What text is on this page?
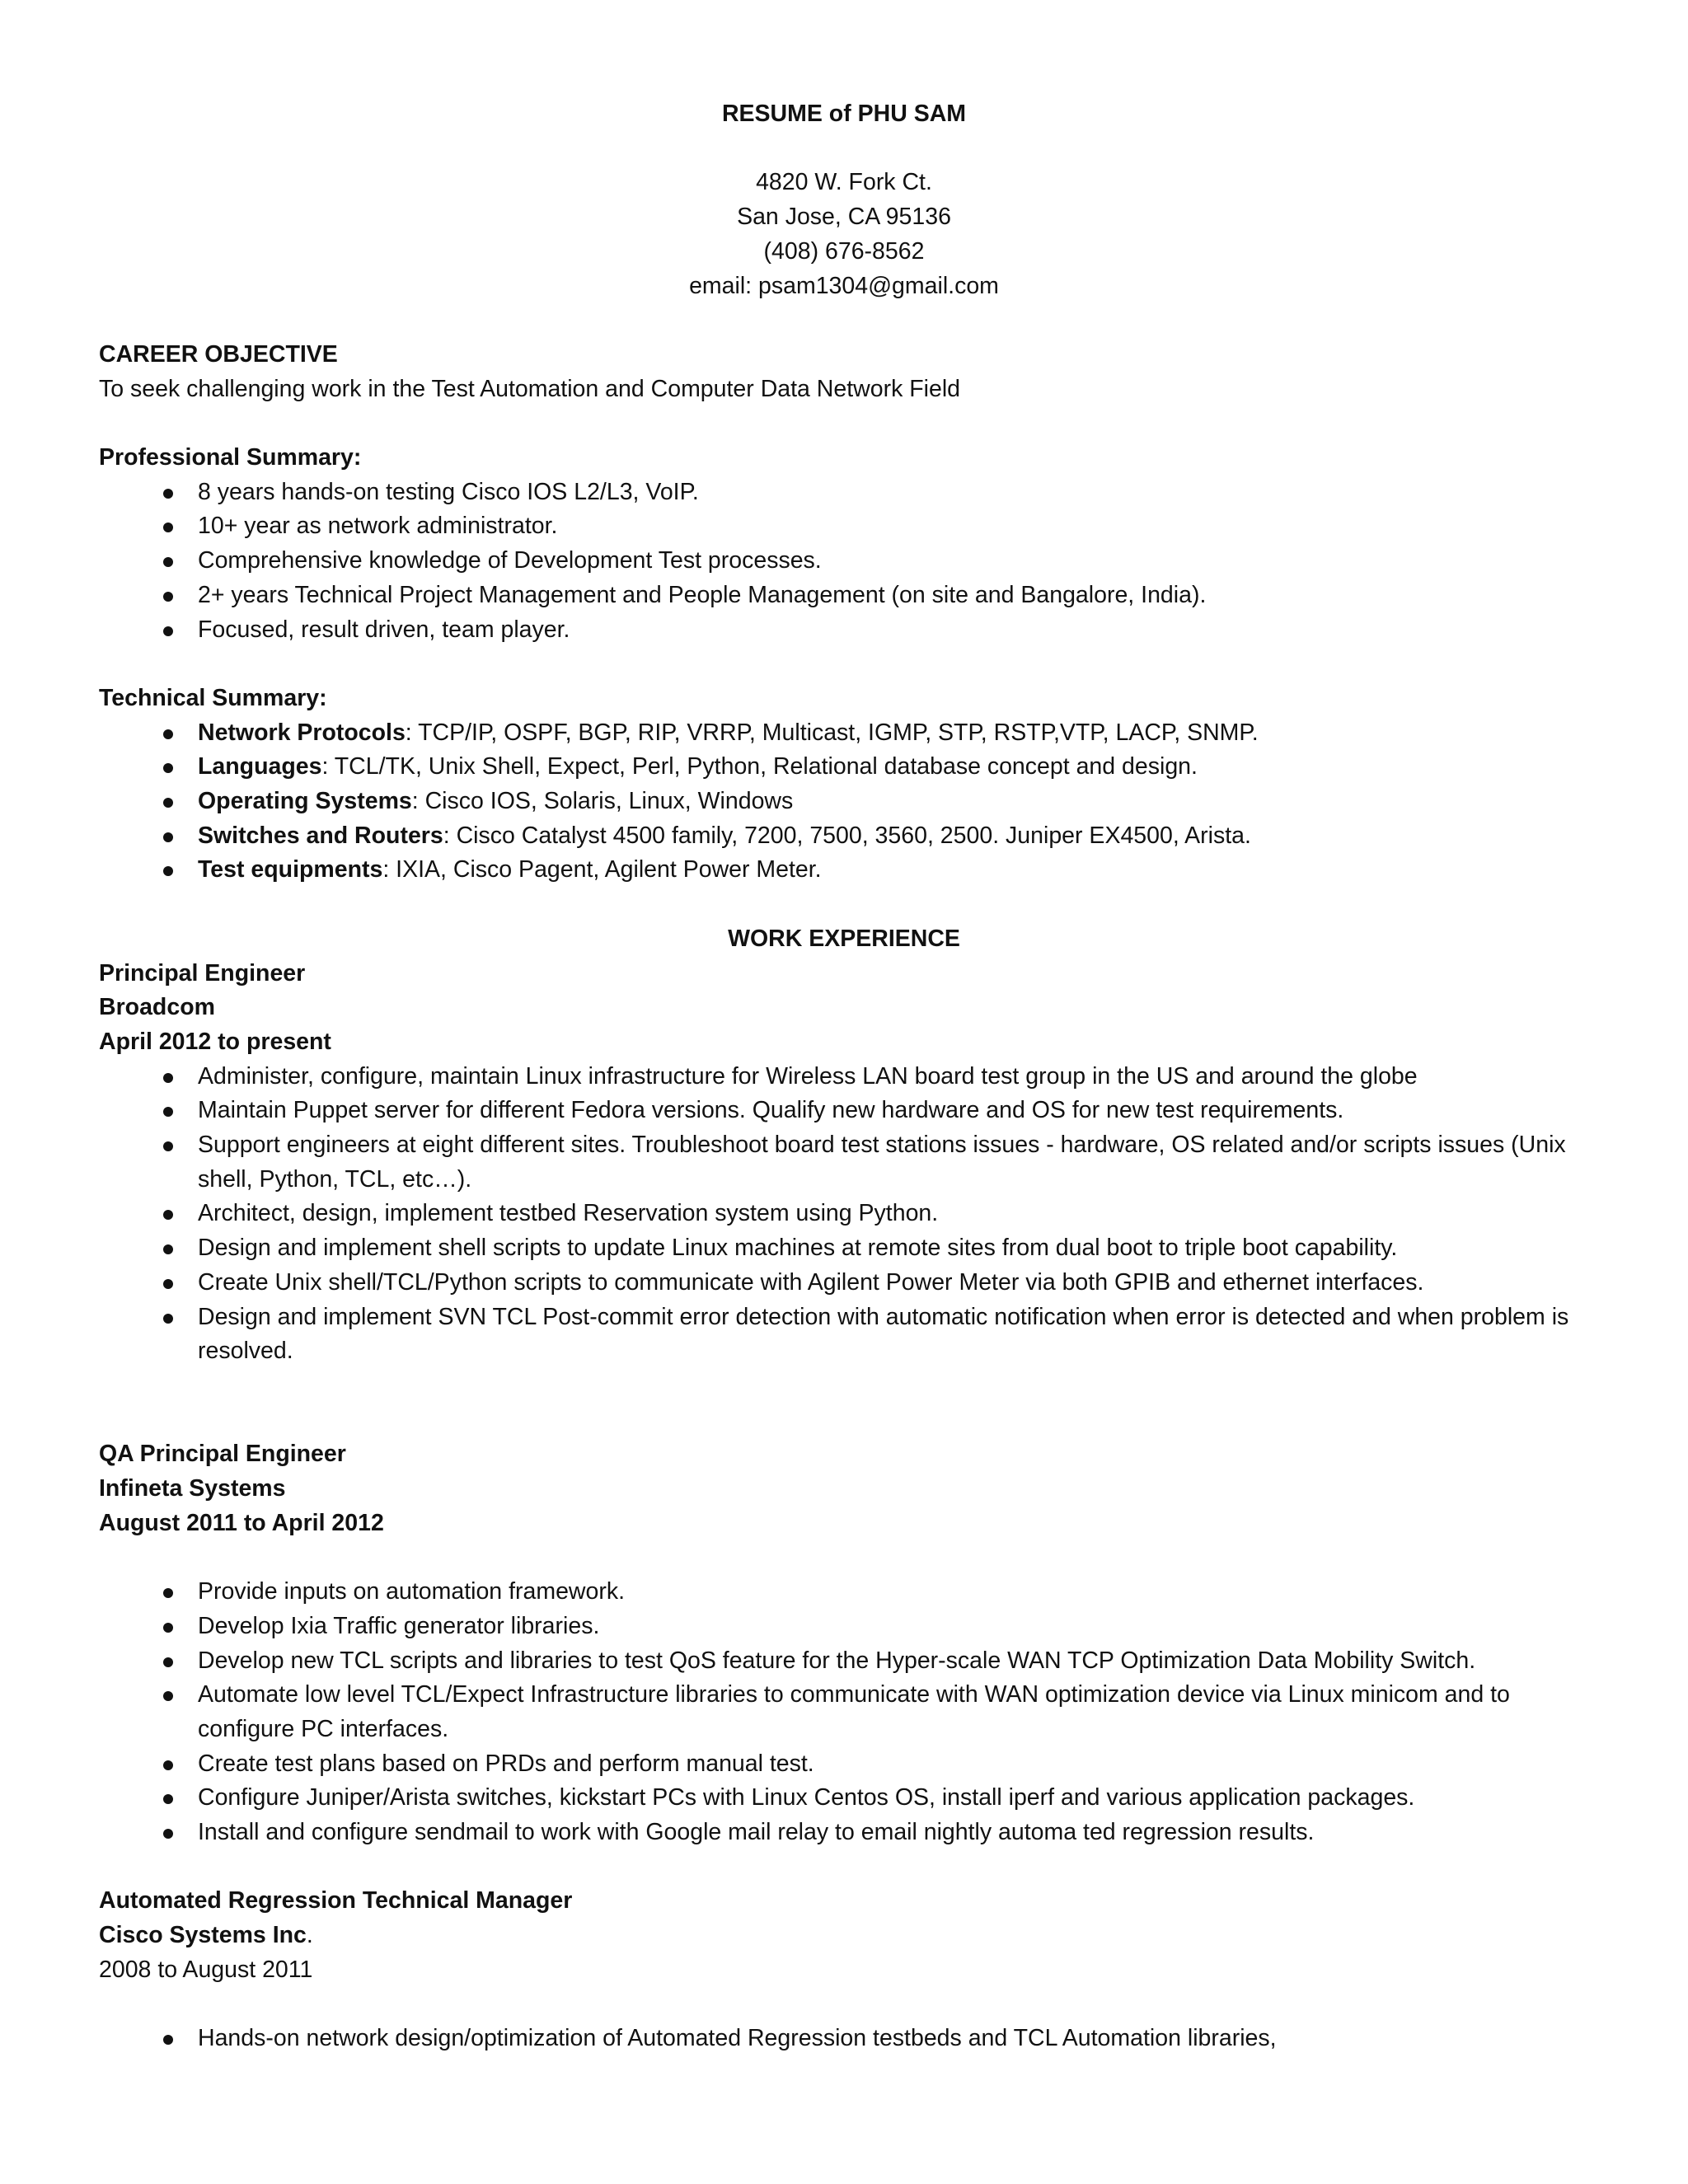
RESUME of PHU SAM
4820 W. Fork Ct.
San Jose, CA 95136
(408) 676-8562
email: psam1304@gmail.com
CAREER OBJECTIVE
To seek challenging work in the Test Automation and Computer Data Network Field
Professional Summary:
8 years hands-on testing Cisco IOS L2/L3, VoIP.
10+ year as network administrator.
Comprehensive knowledge of Development Test processes.
2+ years Technical Project Management and People Management (on site and Bangalore, India).
Focused, result driven, team player.
Technical Summary:
Network Protocols: TCP/IP, OSPF, BGP, RIP, VRRP, Multicast, IGMP, STP, RSTP,VTP, LACP, SNMP.
Languages: TCL/TK, Unix Shell, Expect, Perl, Python, Relational database concept and design.
Operating Systems: Cisco IOS, Solaris, Linux, Windows
Switches and Routers: Cisco Catalyst 4500 family, 7200, 7500, 3560, 2500. Juniper EX4500, Arista.
Test equipments: IXIA, Cisco Pagent, Agilent Power Meter.
WORK EXPERIENCE
Principal Engineer
Broadcom
April 2012 to present
Administer, configure, maintain Linux infrastructure for Wireless LAN board test group in the US and around the globe
Maintain Puppet server for different Fedora versions. Qualify new hardware and OS for new test requirements.
Support engineers at eight different sites. Troubleshoot board test stations issues - hardware, OS related and/or scripts issues (Unix shell, Python, TCL, etc…).
Architect, design, implement testbed Reservation system using Python.
Design and implement shell scripts to update Linux machines at remote sites from dual boot to triple boot capability.
Create Unix shell/TCL/Python scripts to communicate with Agilent Power Meter via both GPIB and ethernet interfaces.
Design and implement SVN TCL Post-commit error detection with automatic notification when error is detected and when problem is resolved.
QA Principal Engineer
Infineta Systems
August 2011 to April 2012
Provide inputs on automation framework.
Develop Ixia Traffic generator libraries.
Develop new TCL scripts and libraries to test QoS feature for the Hyper-scale WAN TCP Optimization Data Mobility Switch.
Automate low level TCL/Expect Infrastructure libraries to communicate with WAN optimization device via Linux minicom and to configure PC interfaces.
Create test plans based on PRDs and perform manual test.
Configure Juniper/Arista switches, kickstart PCs with Linux Centos OS, install iperf and various application packages.
Install and configure sendmail to work with Google mail relay to email nightly automa ted regression results.
Automated Regression Technical Manager
Cisco Systems Inc.
2008 to August 2011
Hands-on network design/optimization of Automated Regression testbeds and TCL Automation libraries,
